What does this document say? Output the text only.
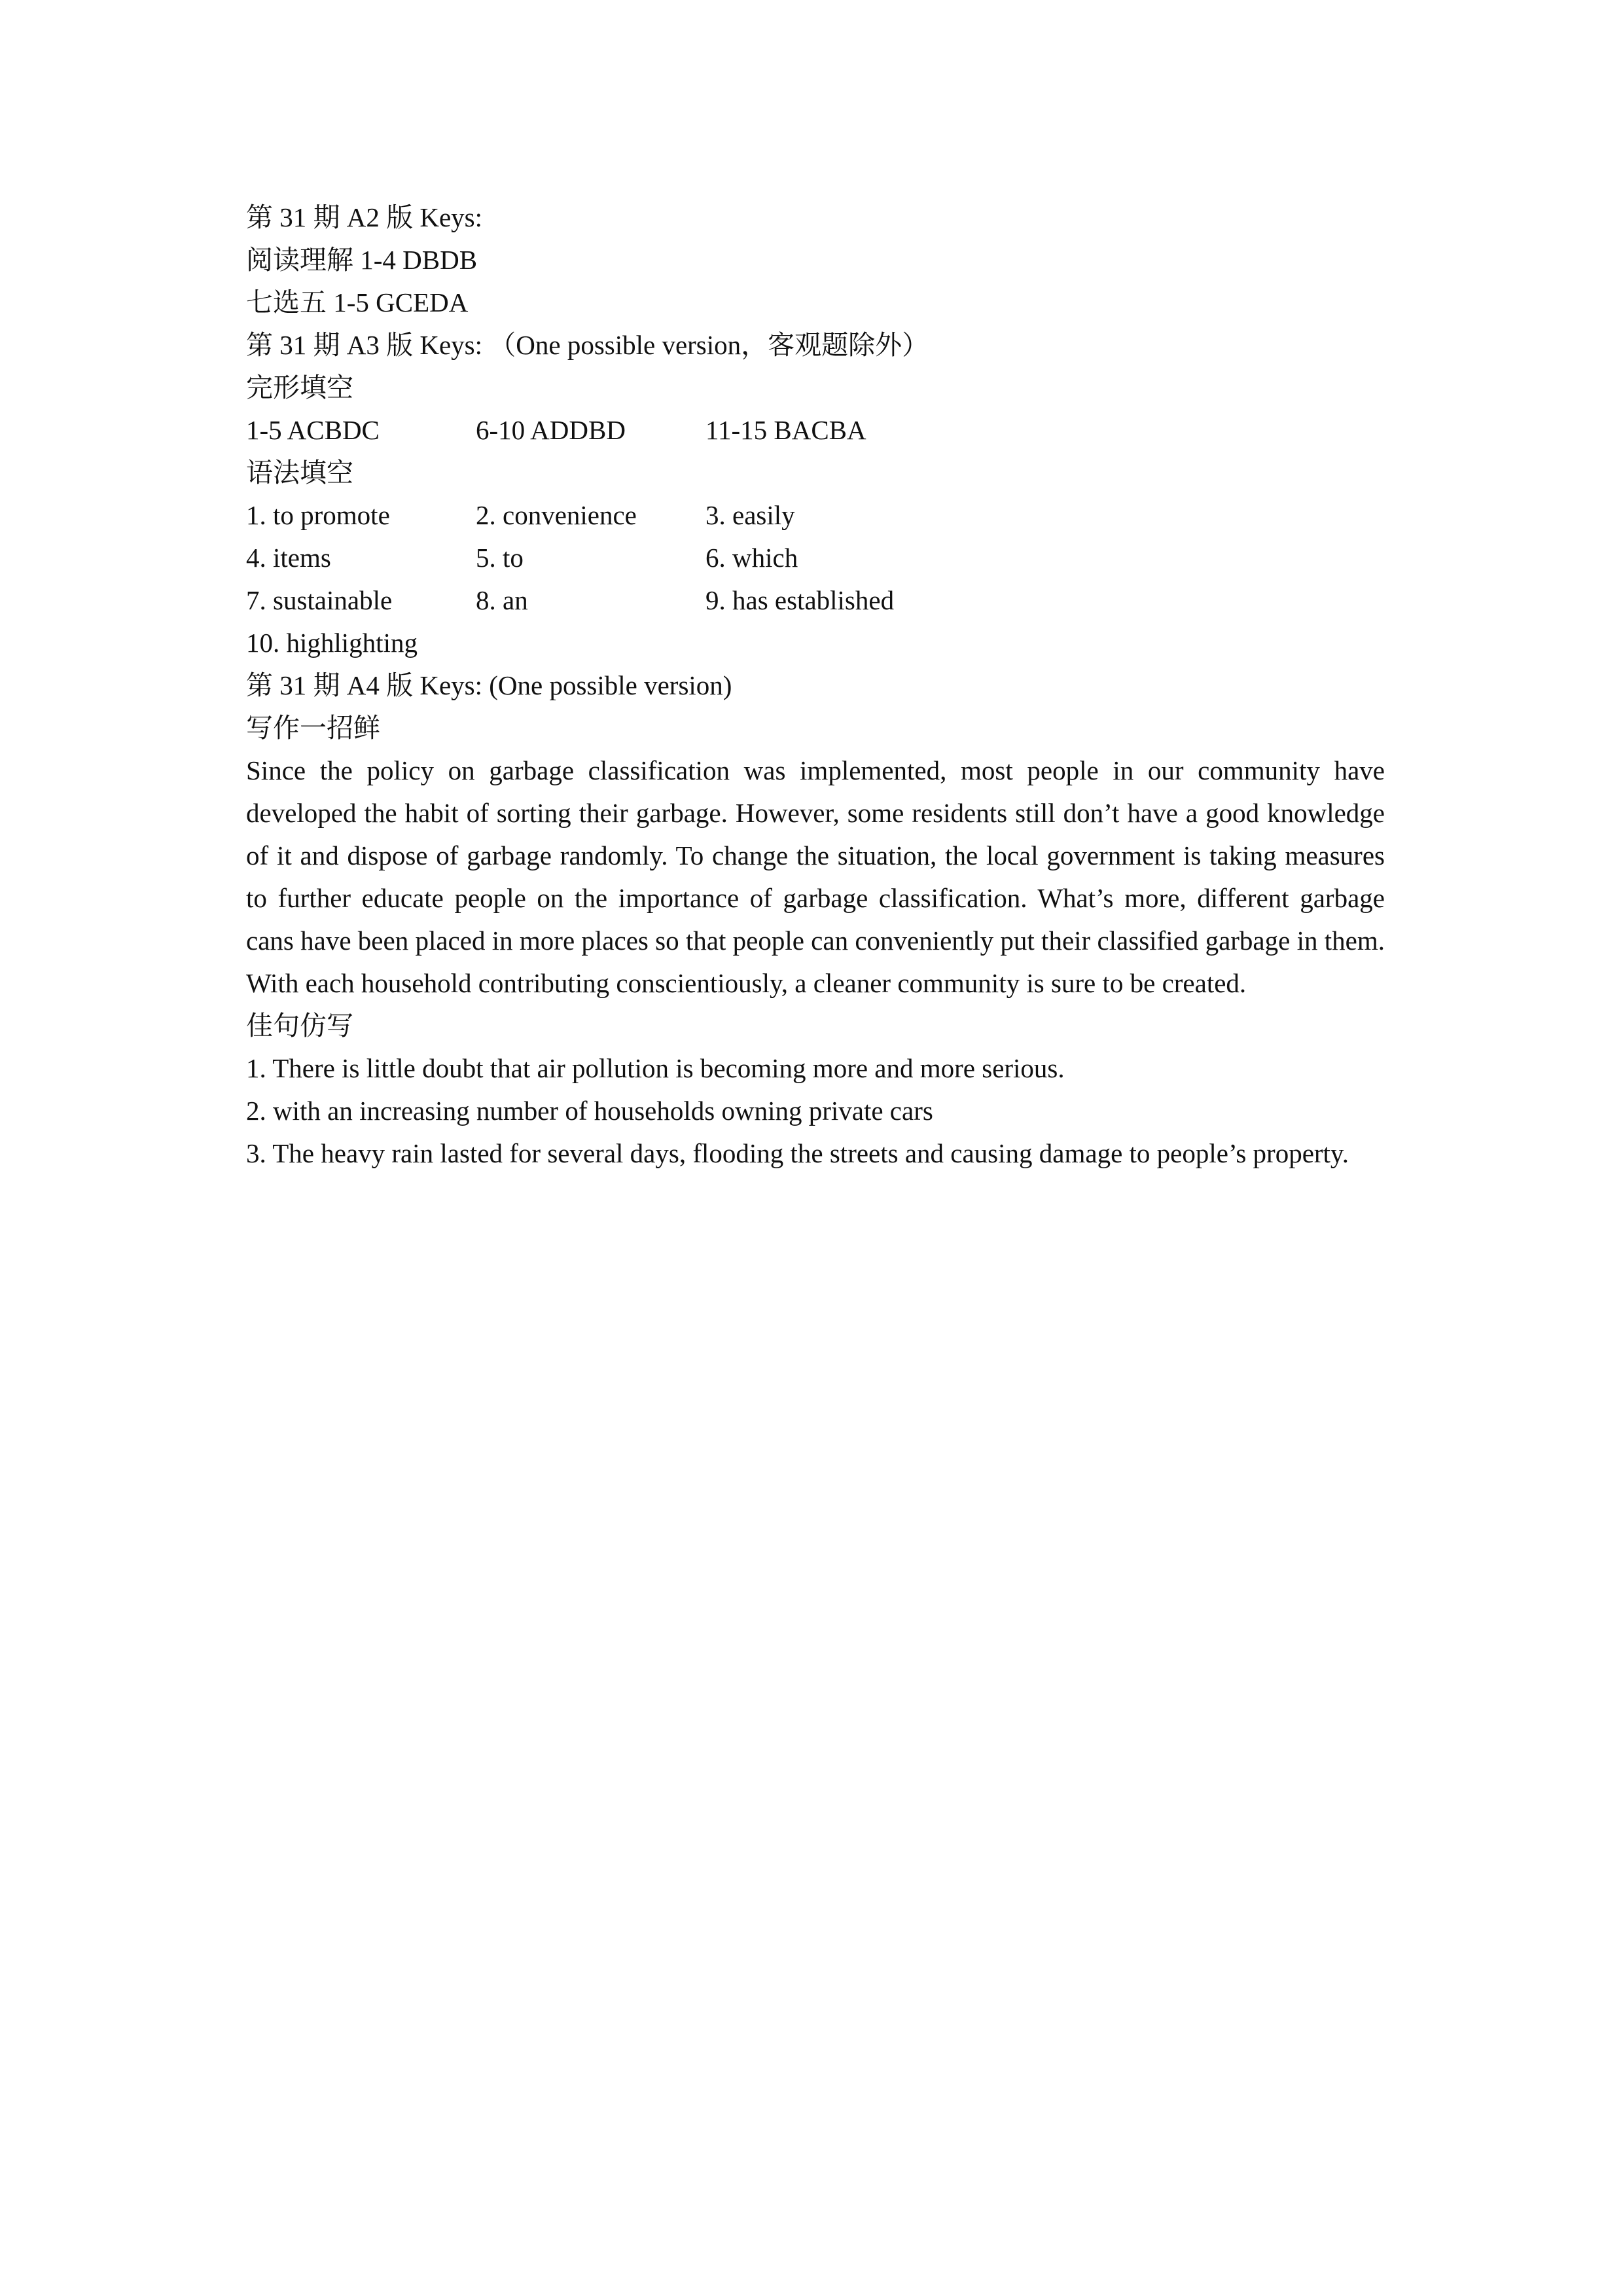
第 31 期 A2 版 Keys:
阅读理解 1-4 DBDB
七选五 1-5 GCEDA
第 31 期 A3 版 Keys: （One possible version，客观题除外）
完形填空
1-5 ACBDC	6-10 ADDBD	11-15 BACBA
语法填空
1. to promote	2. convenience	3. easily
4. items	5. to	6. which
7. sustainable	8. an	9. has established
10. highlighting
第 31 期 A4 版 Keys: (One possible version)
写作一招鲜
Since the policy on garbage classification was implemented, most people in our community have developed the habit of sorting their garbage. However, some residents still don’t have a good knowledge of it and dispose of garbage randomly. To change the situation, the local government is taking measures to further educate people on the importance of garbage classification. What’s more, different garbage cans have been placed in more places so that people can conveniently put their classified garbage in them. With each household contributing conscientiously, a cleaner community is sure to be created.
佳句仿写
1. There is little doubt that air pollution is becoming more and more serious.
2. with an increasing number of households owning private cars
3. The heavy rain lasted for several days, flooding the streets and causing damage to people’s property.
